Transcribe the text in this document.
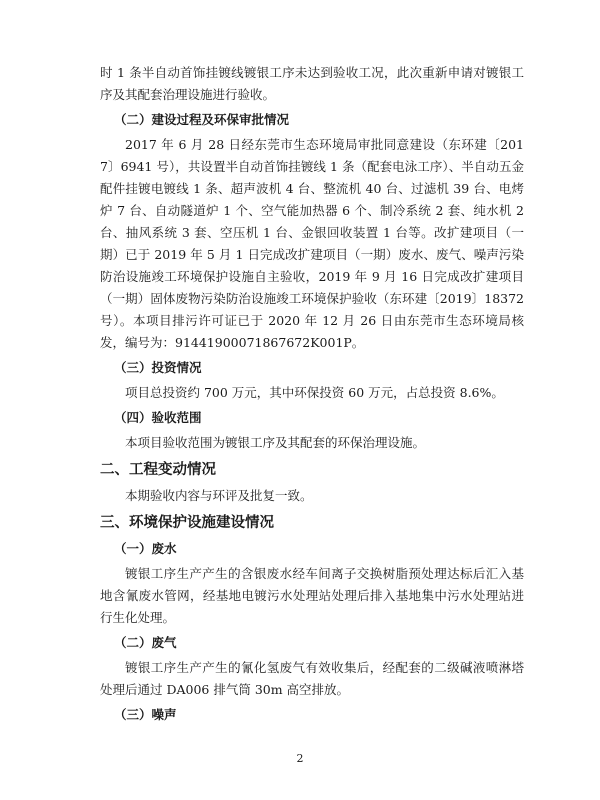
时 1 条半自动首饰挂镀线镀银工序未达到验收工况，此次重新申请对镀银工序及其配套治理设施进行验收。

（二）建设过程及环保审批情况

2017 年 6 月 28 日经东莞市生态环境局审批同意建设（东环建〔2017〕6941 号），共设置半自动首饰挂镀线 1 条（配套电泳工序）、半自动五金配件挂镀电镀线 1 条、超声波机 4 台、整流机 40 台、过滤机 39 台、电烤炉 7 台、自动隧道炉 1 个、空气能加热器 6 个、制冷系统 2 套、纯水机 2 台、抽风系统 3 套、空压机 1 台、金银回收装置 1 台等。改扩建项目（一期）已于 2019 年 5 月 1 日完成改扩建项目（一期）废水、废气、噪声污染防治设施竣工环境保护设施自主验收，2019 年 9 月 16 日完成改扩建项目（一期）固体废物污染防治设施竣工环境保护验收（东环建〔2019〕18372 号）。本项目排污许可证已于 2020 年 12 月 26 日由东莞市生态环境局核发，编号为：91441900071867672K001P。

（三）投资情况

项目总投资约 700 万元，其中环保投资 60 万元，占总投资 8.6%。

（四）验收范围

本项目验收范围为镀银工序及其配套的环保治理设施。

二、工程变动情况

本期验收内容与环评及批复一致。

三、环境保护设施建设情况
（一）废水

镀银工序生产产生的含银废水经车间离子交换树脂预处理达标后汇入基地含氰废水管网，经基地电镀污水处理站处理后排入基地集中污水处理站进行生化处理。

（二）废气

镀银工序生产产生的氰化氢废气有效收集后，经配套的二级碱液喷淋塔处理后通过 DA006 排气筒 30m 高空排放。

（三）噪声
2
